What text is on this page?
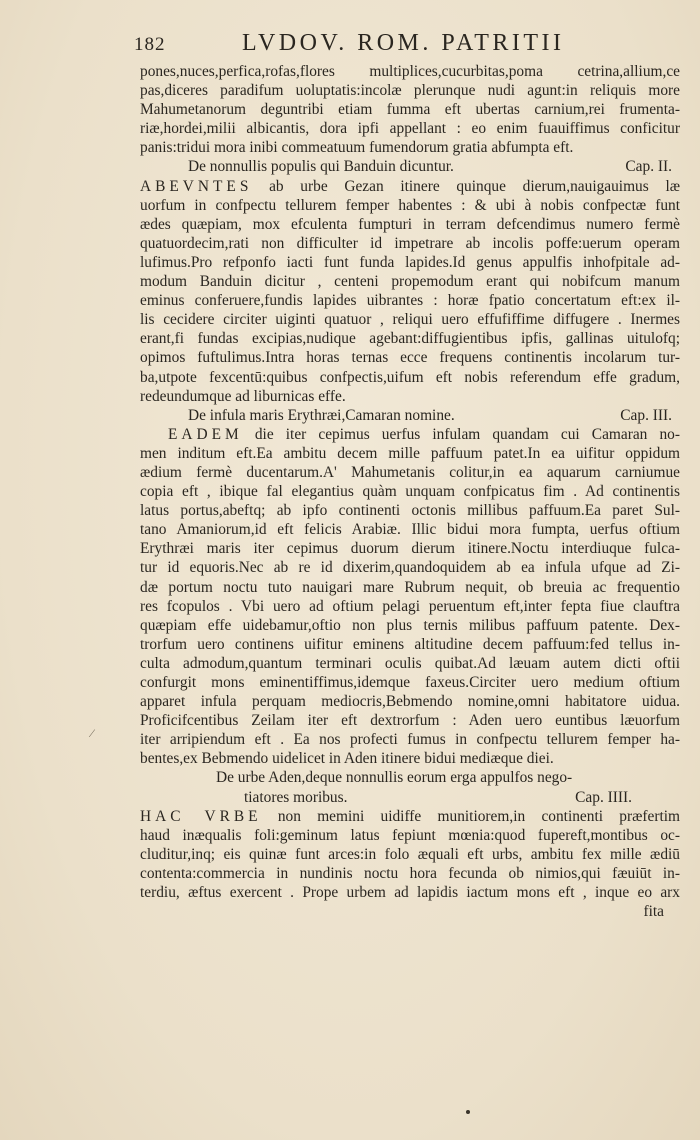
182	LVDOV. ROM. PATRITII
pones,nuces,perfica,rofas,flores multiplices,cucurbitas,poma cetrina,allium,ce
pas,diceres paradifum uoluptatis:incolæ plerunque nudi agunt:in reliquis more
Mahumetanorum deguntribi etiam fumma eft ubertas carnium,rei frumenta-
riæ,hordei,milii albicantis, dora ipfi appellant : eo enim fuauiffimus conficitur
panis:tridui mora inibi commeatuum fumendorum gratia abfumpta eft.
De nonnullis populis qui Banduin dicuntur.	Cap. II.
ABEVNTES ab urbe Gezan itinere quinque dierum,nauigauimus læ
uorfum in confpectu tellurem femper habentes : & ubi à nobis confpectæ funt
ædes quæpiam, mox efculenta fumpturi in terram defcendimus numero fermè
quatuordecim,rati non difficulter id impetrare ab incolis poffe:uerum operam
lufimus.Pro refponfo iacti funt funda lapides.Id genus appulfis inhofpitale ad-
modum Banduin dicitur , centeni propemodum erant qui nobifcum manum
eminus conferuere,fundis lapides uibrantes : horæ fpatio concertatum eft:ex il-
lis cecidere circiter uiginti quatuor , reliqui uero effufiffime diffugere . Inermes
erant,fi fundas excipias,nudique agebant:diffugientibus ipfis, gallinas uitulofq;
opimos fuftulimus.Intra horas ternas ecce frequens continentis incolarum tur-
ba,utpote fexcentū:quibus confpectis,uifum eft nobis referendum effe gradum,
redeundumque ad liburnicas effe.
De infula maris Erythræi,Camaran nomine.	Cap. III.
EADEM die iter cepimus uerfus infulam quandam cui Camaran no-
men inditum eft.Ea ambitu decem mille paffuum patet.In ea uifitur oppidum
ædium fermè ducentarum.A' Mahumetanis colitur,in ea aquarum carniumue
copia eft , ibique fal elegantius quàm unquam confpicatus fim . Ad continentis
latus portus,abeftq; ab ipfo continenti octonis millibus paffuum.Ea paret Sul-
tano Amaniorum,id eft felicis Arabiæ. Illic bidui mora fumpta, uerfus oftium
Erythræi maris iter cepimus duorum dierum itinere.Noctu interdiuque fulca-
tur id equoris.Nec ab re id dixerim,quandoquidem ab ea infula ufque ad Zi-
dæ portum noctu tuto nauigari mare Rubrum nequit, ob breuia ac frequentio
res fcopulos . Vbi uero ad oftium pelagi peruentum eft,inter fepta fiue clauftra
quæpiam effe uidebamur,oftio non plus ternis milibus paffuum patente. Dex-
trorfum uero continens uifitur eminens altitudine decem paffuum:fed tellus in-
culta admodum,quantum terminari oculis quibat.Ad læuam autem dicti oftii
confurgit mons eminentiffimus,idemque faxeus.Circiter uero medium oftium
apparet infula perquam mediocris,Bebmendo nomine,omni habitatore uidua.
Proficifcentibus Zeilam iter eft dextrorfum : Aden uero euntibus læuorfum
iter arripiendum eft . Ea nos profecti fumus in confpectu tellurem femper ha-
bentes,ex Bebmendo uidelicet in Aden itinere bidui mediæque diei.
De urbe Aden,deque nonnullis eorum erga appulfos nego-
tiatores moribus.	Cap. IIII.
HAC VRBE non memini uidiffe munitiorem,in continenti præfertim
haud inæqualis foli:geminum latus fepiunt mœnia:quod fupereft,montibus oc-
cluditur,inq; eis quinæ funt arces:in folo æquali eft urbs, ambitu fex mille ædiū
contenta:commercia in nundinis noctu hora fecunda ob nimios,qui fæuiūt in-
terdiu, æftus exercent . Prope urbem ad lapidis iactum mons eft , inque eo arx
fita
⁄
